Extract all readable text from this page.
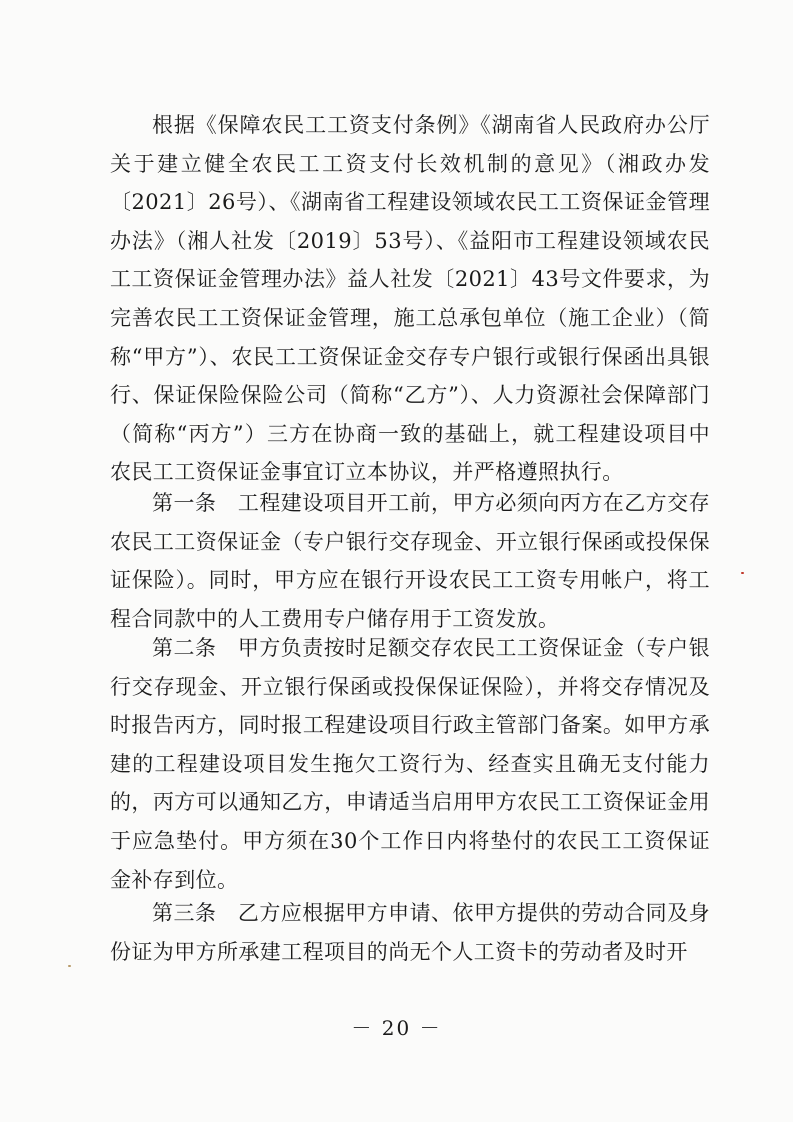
根据《保障农民工工资支付条例》《湖南省人民政府办公厅关于建立健全农民工工资支付长效机制的意见》（湘政办发〔2021〕26号）、《湖南省工程建设领域农民工工资保证金管理办法》（湘人社发〔2019〕53号）、《益阳市工程建设领域农民工工资保证金管理办法》益人社发〔2021〕43号文件要求，为完善农民工工资保证金管理，施工总承包单位（施工企业）（简称“甲方”）、农民工工资保证金交存专户银行或银行保函出具银行、保证保险保险公司（简称“乙方”）、人力资源社会保障部门（简称“丙方”）三方在协商一致的基础上，就工程建设项目中农民工工资保证金事宜订立本协议，并严格遵照执行。

第一条　工程建设项目开工前，甲方必须向丙方在乙方交存农民工工资保证金（专户银行交存现金、开立银行保函或投保保证保险）。同时，甲方应在银行开设农民工工资专用帐户，将工程合同款中的人工费用专户储存用于工资发放。

第二条　甲方负责按时足额交存农民工工资保证金（专户银行交存现金、开立银行保函或投保保证保险），并将交存情况及时报告丙方，同时报工程建设项目行政主管部门备案。如甲方承建的工程建设项目发生拖欠工资行为、经查实且确无支付能力的，丙方可以通知乙方，申请适当启用甲方农民工工资保证金用于应急垫付。甲方须在30个工作日内将垫付的农民工工资保证金补存到位。

第三条　乙方应根据甲方申请、依甲方提供的劳动合同及身份证为甲方所承建工程项目的尚无个人工资卡的劳动者及时开

－ 20 －
